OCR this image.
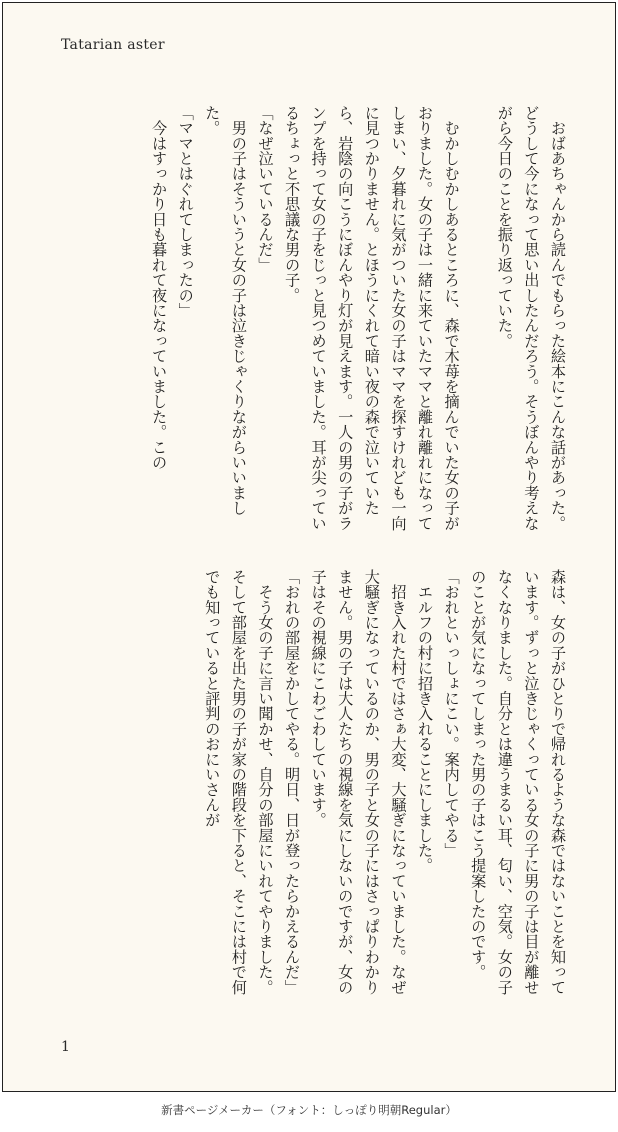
Tatarian aster

　おばあちゃんから読んでもらった絵本にこんな話があった。どうして今になって思い出したんだろう。そうぼんやり考えながら今日のことを振り返っていた。

　むかしむかしあるところに、森で木苺を摘んでいた女の子がおりました。女の子は一緒に来ていたママと離れ離れになってしまい、夕暮れに気がついた女の子はママを探すけれども一向に見つかりません。とほうにくれて暗い夜の森で泣いていたら、岩陰の向こうにぼんやり灯が見えます。一人の男の子がランプを持って女の子をじっと見つめていました。耳が尖っているちょっと不思議な男の子。

「なぜ泣いているんだ」

　男の子はそういうと女の子は泣きじゃくりながらいいました。

「ママとはぐれてしまったの」

　今はすっかり日も暮れて夜になっていました。この

森は、女の子がひとりで帰れるような森ではないことを知っています。ずっと泣きじゃくっている女の子に男の子は目が離せなくなりました。自分とは違うまるい耳、匂い、空気。女の子のことが気になってしまった男の子はこう提案したのです。

「おれといっしょにこい。案内してやる」

　エルフの村に招き入れることにしました。

　招き入れた村ではさぁ大変、大騒ぎになっていました。なぜ大騒ぎになっているのか、男の子と女の子にはさっぱりわかりません。男の子は大人たちの視線を気にしないのですが、女の子はその視線にこわごわしています。

「おれの部屋をかしてやる。明日、日が登ったらかえるんだ」

　そう女の子に言い聞かせ、自分の部屋にいれてやりました。そして部屋を出た男の子が家の階段を下ると、そこには村で何でも知っていると評判のおにいさんが

1
新書ページメーカー（フォント：しっぽり明朝Regular）
